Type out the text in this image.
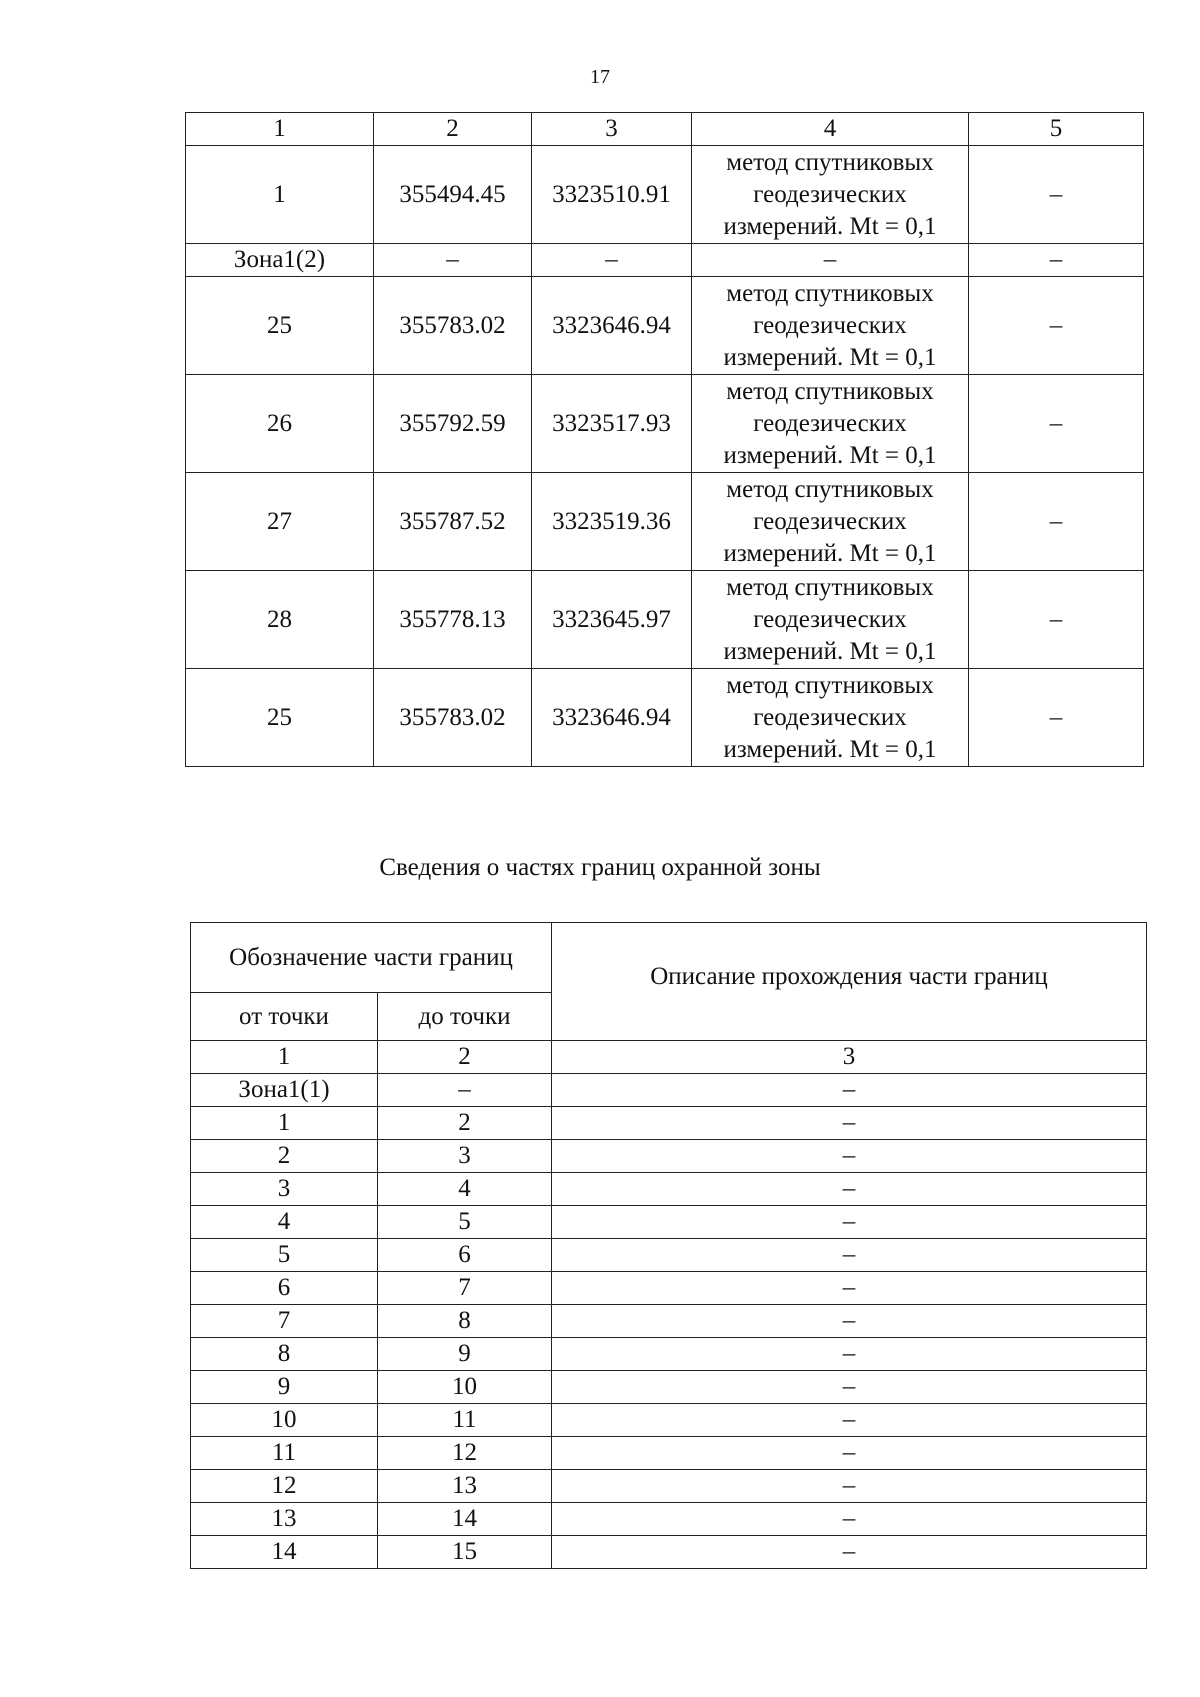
17
1	2	3	4	5
1	355494.45	3323510.91	метод спутниковых
геодезических
измерений. Mt = 0,1	–
Зона1(2)	–	–	–	–
25	355783.02	3323646.94	метод спутниковых
геодезических
измерений. Mt = 0,1	–
26	355792.59	3323517.93	метод спутниковых
геодезических
измерений. Mt = 0,1	–
27	355787.52	3323519.36	метод спутниковых
геодезических
измерений. Mt = 0,1	–
28	355778.13	3323645.97	метод спутниковых
геодезических
измерений. Mt = 0,1	–
25	355783.02	3323646.94	метод спутниковых
геодезических
измерений. Mt = 0,1	–
Сведения о частях границ охранной зоны
Обозначение части границ		Описание прохождения части границ
от точки	до точки	
1	2	3
Зона1(1)	–	–
1	2	–
2	3	–
3	4	–
4	5	–
5	6	–
6	7	–
7	8	–
8	9	–
9	10	–
10	11	–
11	12	–
12	13	–
13	14	–
14	15	–
